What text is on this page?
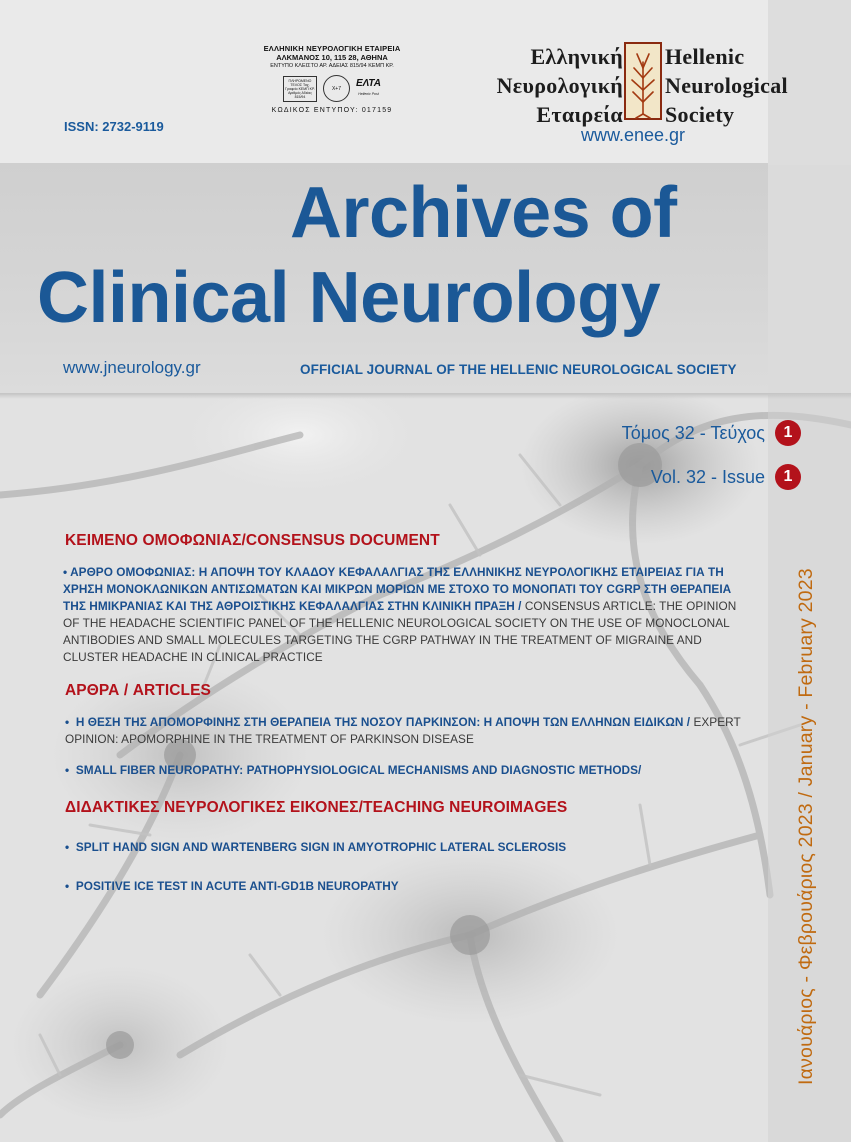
ΕΛΛΗΝΙΚΗ ΝΕΥΡΟΛΟΓΙΚΗ ΕΤΑΙΡΕΙΑ
ΑΛΚΜΑΝΟΣ 10, 115 28, ΑΘΗΝΑ
ΕΝΤΥΠΟ ΚΛΕΙΣΤΟ ΑΡ. ΑΔΕΙΑΣ 815/94 ΚΕΜΠ ΚΡ.
ΠΛΗΡΩΜΕΝΟ ΤΕΛΟΣ Ταχ. Γραφείο ΚΕΜΠ ΚΡ. Αριθμός Αδείας 815/94
Χ+7	ΕΛΤΑ
Hellenic Post
ΚΩΔΙΚΟΣ ΕΝΤΥΠΟΥ: 017159
ISSN: 2732-9119
Ελληνική
Νευρολογική
Εταιρεία
Hellenic
Neurological
Society
www.enee.gr
Archives of
Clinical Neurology
www.jneurology.gr	OFFICIAL JOURNAL OF THE HELLENIC NEUROLOGICAL SOCIETY
Τόμος 32 - Τεύχος	1
Vol. 32 - Issue	1
Ιανουάριος - Φεβρουάριος 2023 / January - February 2023
ΚΕΙΜΕΝΟ ΟΜΟΦΩΝΙΑΣ/CONSENSUS DOCUMENT
• ΑΡΘΡΟ ΟΜΟΦΩΝΙΑΣ: Η ΑΠΟΨΗ ΤΟΥ ΚΛΑΔΟΥ ΚΕΦΑΛΑΛΓΙΑΣ ΤΗΣ ΕΛΛΗΝΙΚΗΣ ΝΕΥΡΟΛΟΓΙΚΗΣ ΕΤΑΙΡΕΙΑΣ ΓΙΑ ΤΗ ΧΡΗΣΗ ΜΟΝΟΚΛΩΝΙΚΩΝ ΑΝΤΙΣΩΜΑΤΩΝ ΚΑΙ ΜΙΚΡΩΝ ΜΟΡΙΩΝ ΜΕ ΣΤΟΧΟ ΤΟ ΜΟΝΟΠΑΤΙ ΤΟΥ CGRP ΣΤΗ ΘΕΡΑΠΕΙΑ ΤΗΣ ΗΜΙΚΡΑΝΙΑΣ ΚΑΙ ΤΗΣ ΑΘΡΟΙΣΤΙΚΗΣ ΚΕΦΑΛΑΛΓΙΑΣ ΣΤΗΝ ΚΛΙΝΙΚΗ ΠΡΑΞΗ / CONSENSUS ARTICLE: THE OPINION OF THE HEADACHE SCIENTIFIC PANEL OF THE HELLENIC NEUROLOGICAL SOCIETY ON THE USE OF MONOCLONAL ANTIBODIES AND SMALL MOLECULES TARGETING THE CGRP PATHWAY IN THE TREATMENT OF MIGRAINE AND CLUSTER HEADACHE IN CLINICAL PRACTICE
ΑΡΘΡΑ / ARTICLES
•  Η ΘΕΣΗ ΤΗΣ ΑΠΟΜΟΡΦΙΝΗΣ ΣΤΗ ΘΕΡΑΠΕΙΑ ΤΗΣ ΝΟΣΟΥ ΠΑΡΚΙΝΣΟΝ: Η ΑΠΟΨΗ ΤΩΝ ΕΛΛΗΝΩΝ ΕΙΔΙΚΩΝ / EXPERT OPINION: APOMORPHINE IN THE TREATMENT OF PARKINSON DISEASE
•  SMALL FIBER NEUROPATHY: PATHOPHYSIOLOGICAL MECHANISMS AND DIAGNOSTIC METHODS/
ΔΙΔΑΚΤΙΚΕΣ ΝΕΥΡΟΛΟΓΙΚΕΣ ΕΙΚΟΝΕΣ/TEACHING NEUROIMAGES
•  SPLIT HAND SIGN AND WARTENBERG SIGN IN AMYOTROPHIC LATERAL SCLEROSIS
•  POSITIVE ICE TEST IN ACUTE ANTI-GD1B NEUROPATHY
